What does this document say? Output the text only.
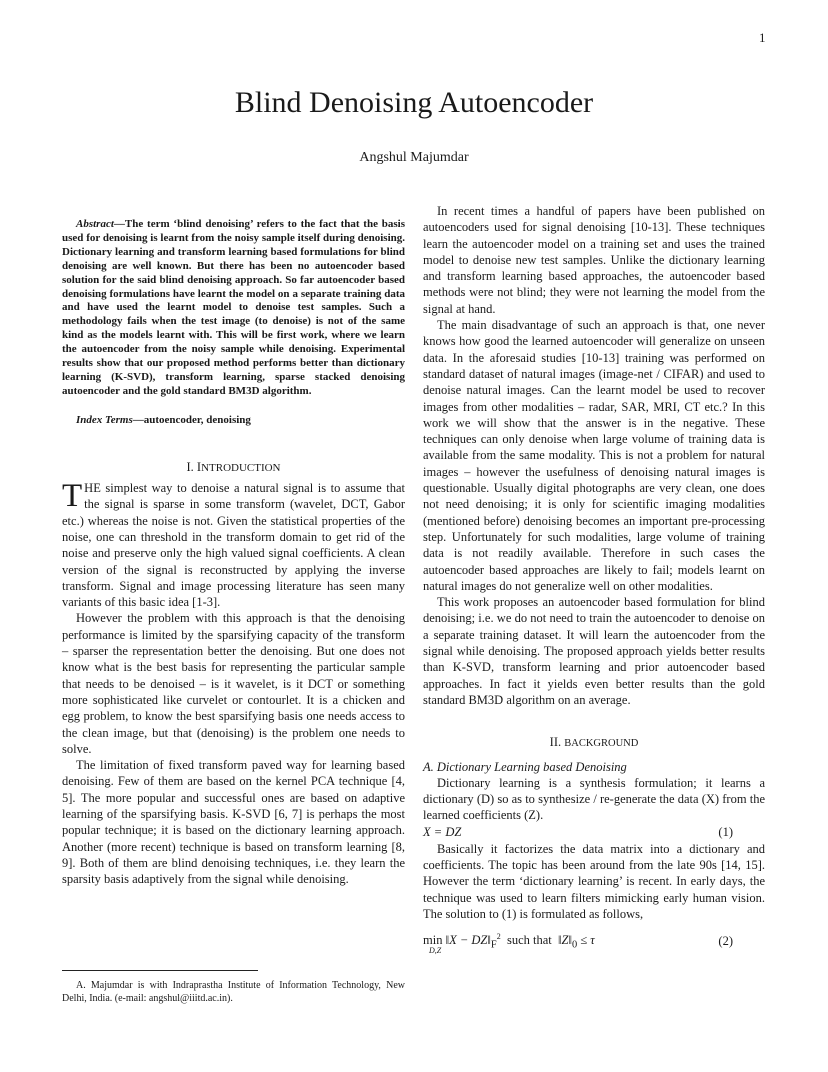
1
Blind Denoising Autoencoder
Angshul Majumdar

Abstract—The term ‘blind denoising’ refers to the fact that the basis used for denoising is learnt from the noisy sample itself during denoising. Dictionary learning and transform learning based formulations for blind denoising are well known. But there has been no autoencoder based solution for the said blind denoising approach. So far autoencoder based denoising formulations have learnt the model on a separate training data and have used the learnt model to denoise test samples. Such a methodology fails when the test image (to denoise) is not of the same kind as the models learnt with. This will be first work, where we learn the autoencoder from the noisy sample while denoising. Experimental results show that our proposed method performs better than dictionary learning (K-SVD), transform learning, sparse stacked denoising autoencoder and the gold standard BM3D algorithm.

Index Terms—autoencoder, denoising

I. INTRODUCTION

THE simplest way to denoise a natural signal is to assume that the signal is sparse in some transform (wavelet, DCT, Gabor etc.) whereas the noise is not. Given the statistical properties of the noise, one can threshold in the transform domain to get rid of the noise and preserve only the high valued signal coefficients. A clean version of the signal is reconstructed by applying the inverse transform. Signal and image processing literature has seen many variants of this basic idea [1-3].

However the problem with this approach is that the denoising performance is limited by the sparsifying capacity of the transform – sparser the representation better the denoising. But one does not know what is the best basis for representing the particular sample that needs to be denoised – is it wavelet, is it DCT or something more sophisticated like curvelet or contourlet. It is a chicken and egg problem, to know the best sparsifying basis one needs access to the clean image, but that (denoising) is the problem one needs to solve.

The limitation of fixed transform paved way for learning based denoising. Few of them are based on the kernel PCA technique [4, 5]. The more popular and successful ones are based on adaptive learning of the sparsifying basis. K-SVD [6, 7] is perhaps the most popular technique; it is based on the dictionary learning approach. Another (more recent) technique is based on transform learning [8, 9]. Both of them are blind denoising techniques, i.e. they learn the sparsity basis adaptively from the signal while denoising.

In recent times a handful of papers have been published on autoencoders used for signal denoising [10-13]. These techniques learn the autoencoder model on a training set and uses the trained model to denoise new test samples. Unlike the dictionary learning and transform learning based approaches, the autoencoder based methods were not blind; they were not learning the model from the signal at hand.

The main disadvantage of such an approach is that, one never knows how good the learned autoencoder will generalize on unseen data. In the aforesaid studies [10-13] training was performed on standard dataset of natural images (image-net / CIFAR) and used to denoise natural images. Can the learnt model be used to recover images from other modalities – radar, SAR, MRI, CT etc.? In this work we will show that the answer is in the negative. These techniques can only denoise when large volume of training data is available from the same modality. This is not a problem for natural images – however the usefulness of denoising natural images is questionable. Usually digital photographs are very clean, one does not need denoising; it is only for scientific imaging modalities (mentioned before) denoising becomes an important pre-processing step. Unfortunately for such modalities, large volume of training data is not readily available. Therefore in such cases the autoencoder based approaches are likely to fail; models learnt on natural images do not generalize well on other modalities.

This work proposes an autoencoder based formulation for blind denoising; i.e. we do not need to train the autoencoder to denoise on a separate training dataset. It will learn the autoencoder from the signal while denoising. The proposed approach yields better results than K-SVD, transform learning and prior autoencoder based approaches. In fact it yields even better results than the gold standard BM3D algorithm on an average.

II. BACKGROUND
A. Dictionary Learning based Denoising

Dictionary learning is a synthesis formulation; it learns a dictionary (D) so as to synthesize / re-generate the data (X) from the learned coefficients (Z).

X = DZ	(1)

Basically it factorizes the data matrix into a dictionary and coefficients. The topic has been around from the late 90s [14, 15]. However the term ‘dictionary learning’ is recent. In early days, the technique was used to learn filters mimicking early human vision. The solution to (1) is formulated as follows,

min
D,Z
‖X − $DZ‖_F^2$ such that $‖Z‖_0 \le \tau$	(2)

A. Majumdar is with Indraprastha Institute of Information Technology, New Delhi, India. (e-mail: angshul@iiitd.ac.in).
